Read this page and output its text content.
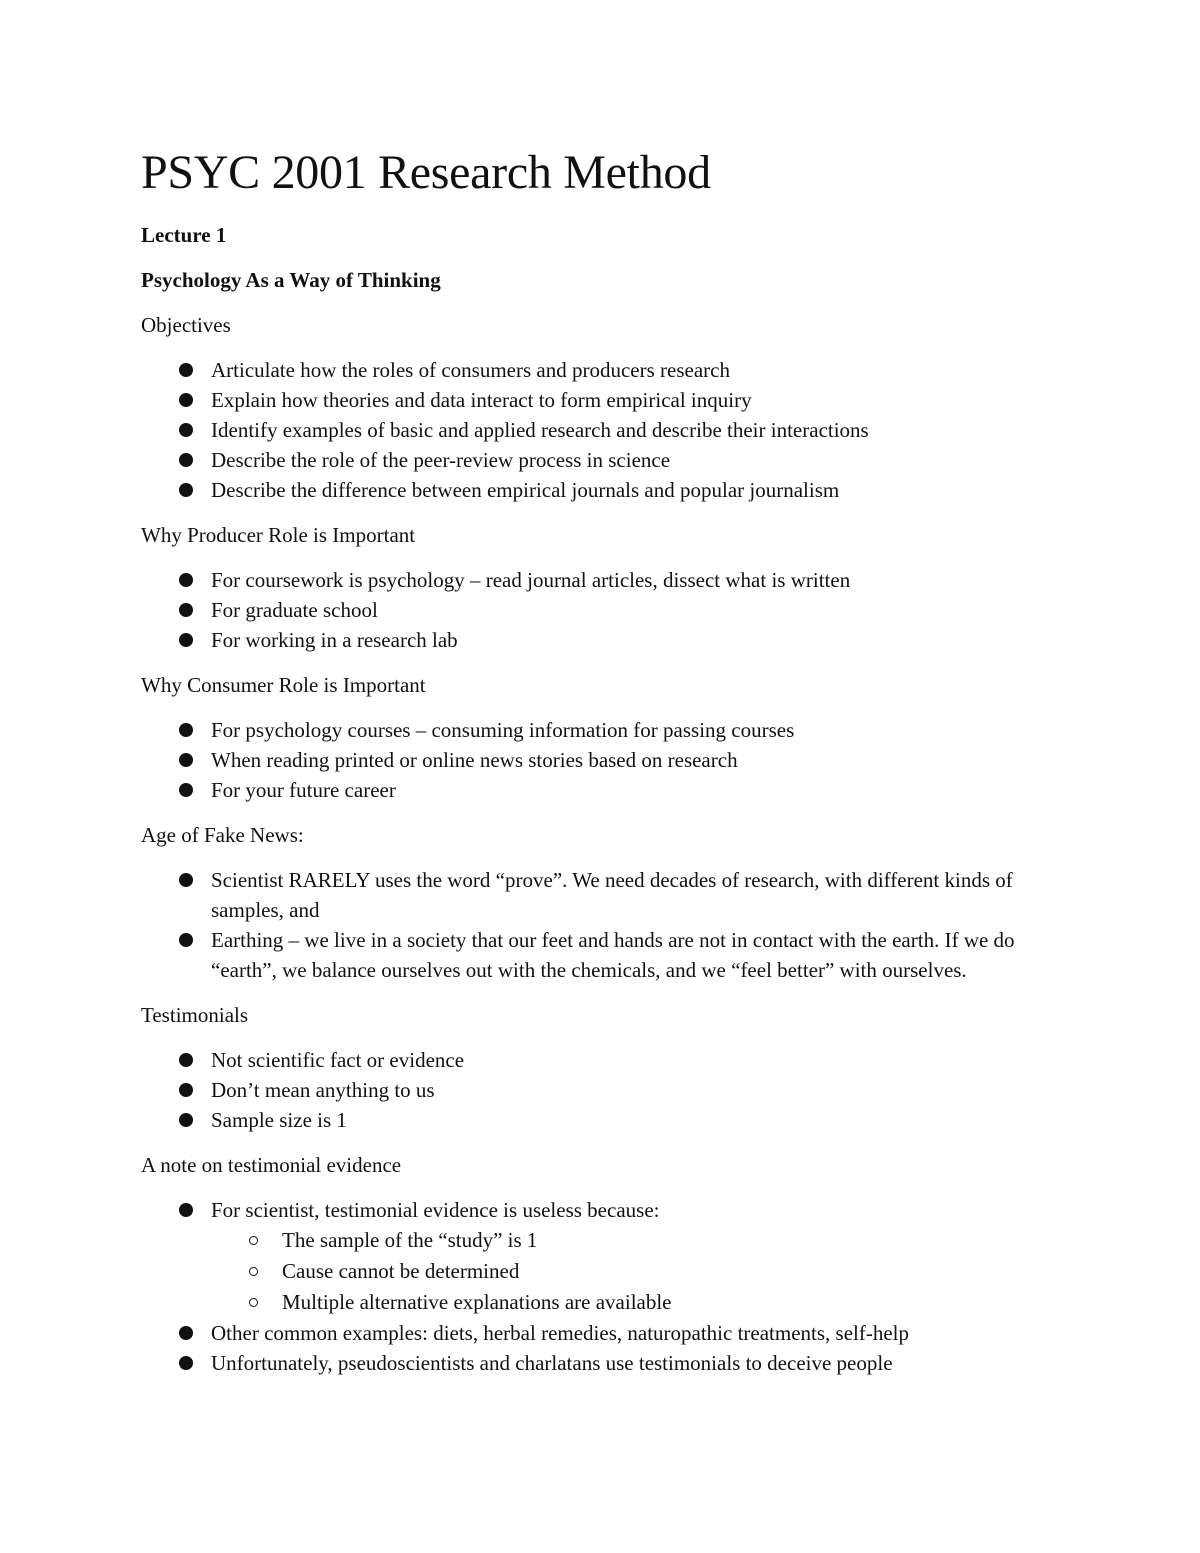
PSYC 2001 Research Method
Lecture 1
Psychology As a Way of Thinking
Objectives
Articulate how the roles of consumers and producers research
Explain how theories and data interact to form empirical inquiry
Identify examples of basic and applied research and describe their interactions
Describe the role of the peer-review process in science
Describe the difference between empirical journals and popular journalism
Why Producer Role is Important
For coursework is psychology – read journal articles, dissect what is written
For graduate school
For working in a research lab
Why Consumer Role is Important
For psychology courses – consuming information for passing courses
When reading printed or online news stories based on research
For your future career
Age of Fake News:
Scientist RARELY uses the word “prove”. We need decades of research, with different kinds of samples, and
Earthing – we live in a society that our feet and hands are not in contact with the earth. If we do “earth”, we balance ourselves out with the chemicals, and we “feel better” with ourselves.
Testimonials
Not scientific fact or evidence
Don’t mean anything to us
Sample size is 1
A note on testimonial evidence
For scientist, testimonial evidence is useless because:
The sample of the “study” is 1
Cause cannot be determined
Multiple alternative explanations are available
Other common examples: diets, herbal remedies, naturopathic treatments, self-help
Unfortunately, pseudoscientists and charlatans use testimonials to deceive people
